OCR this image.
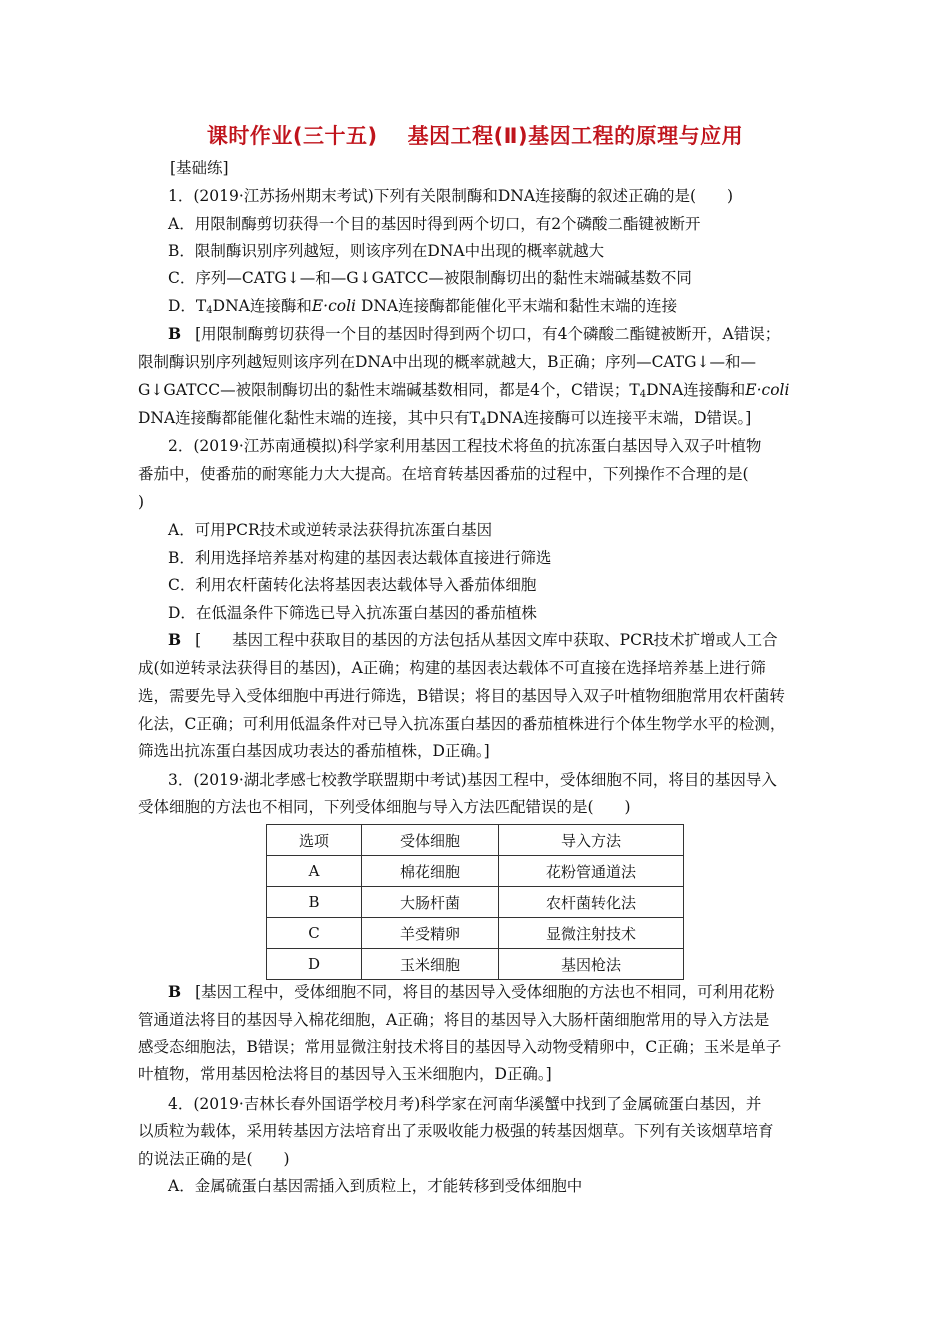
课时作业(三十五) 基因工程(Ⅱ)基因工程的原理与应用
[基础练]
1．(2019·江苏扬州期末考试)下列有关限制酶和DNA连接酶的叙述正确的是(　　)
A．用限制酶剪切获得一个目的基因时得到两个切口，有2个磷酸二酯键被断开
B．限制酶识别序列越短，则该序列在DNA中出现的概率就越大
C．序列—CATG↓—和—G↓GATCC—被限制酶切出的黏性末端碱基数不同
D．$T_4DNA$连接酶和E·coli DNA连接酶都能催化平末端和黏性末端的连接
B [用限制酶剪切获得一个目的基因时得到两个切口，有4个磷酸二酯键被断开，A错误；
限制酶识别序列越短则该序列在DNA中出现的概率就越大，B正确；序列—CATG↓—和—
G↓GATCC—被限制酶切出的黏性末端碱基数相同，都是4个，C错误；$T_4DNA$连接酶和E·coli
DNA连接酶都能催化黏性末端的连接，其中只有$T_4DNA$连接酶可以连接平末端，D错误。]
2．(2019·江苏南通模拟)科学家利用基因工程技术将鱼的抗冻蛋白基因导入双子叶植物
番茄中，使番茄的耐寒能力大大提高。在培育转基因番茄的过程中，下列操作不合理的是(
)
A．可用PCR技术或逆转录法获得抗冻蛋白基因
B．利用选择培养基对构建的基因表达载体直接进行筛选
C．利用农杆菌转化法将基因表达载体导入番茄体细胞
D．在低温条件下筛选已导入抗冻蛋白基因的番茄植株
B [　　基因工程中获取目的基因的方法包括从基因文库中获取、PCR技术扩增或人工合
成(如逆转录法获得目的基因)，A正确；构建的基因表达载体不可直接在选择培养基上进行筛
选，需要先导入受体细胞中再进行筛选，B错误；将目的基因导入双子叶植物细胞常用农杆菌转
化法，C正确；可利用低温条件对已导入抗冻蛋白基因的番茄植株进行个体生物学水平的检测，
筛选出抗冻蛋白基因成功表达的番茄植株，D正确。]
3．(2019·湖北孝感七校教学联盟期中考试)基因工程中，受体细胞不同，将目的基因导入
受体细胞的方法也不相同，下列受体细胞与导入方法匹配错误的是(　　)
选项	受体细胞	导入方法
A	棉花细胞	花粉管通道法
B	大肠杆菌	农杆菌转化法
C	羊受精卵	显微注射技术
D	玉米细胞	基因枪法
B [基因工程中，受体细胞不同，将目的基因导入受体细胞的方法也不相同，可利用花粉
管通道法将目的基因导入棉花细胞，A正确；将目的基因导入大肠杆菌细胞常用的导入方法是
感受态细胞法，B错误；常用显微注射技术将目的基因导入动物受精卵中，C正确；玉米是单子
叶植物，常用基因枪法将目的基因导入玉米细胞内，D正确。]
4．(2019·吉林长春外国语学校月考)科学家在河南华溪蟹中找到了金属硫蛋白基因，并
以质粒为载体，采用转基因方法培育出了汞吸收能力极强的转基因烟草。下列有关该烟草培育
的说法正确的是(　　)
A．金属硫蛋白基因需插入到质粒上，才能转移到受体细胞中
